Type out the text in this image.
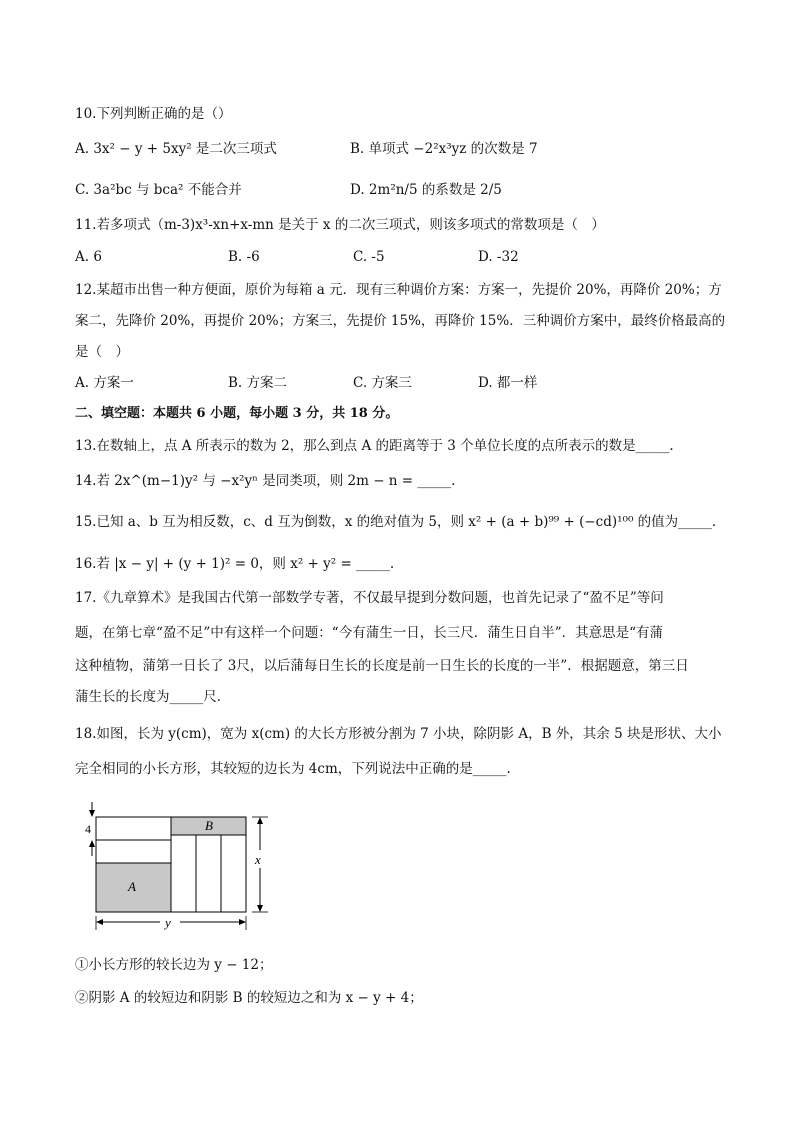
10.下列判断正确的是（）
A. 3x² − y + 5xy² 是二次三项式	B. 单项式 −2²x³yz 的次数是 7
C. 3a²bc 与 bca² 不能合并	D. 2m²n/5 的系数是 2/5
11.若多项式（m-3)x³-xn+x-mn 是关于 x 的二次三项式，则该多项式的常数项是（　）
A. 6	B. -6	C. -5	D. -32
12.某超市出售一种方便面，原价为每箱 a 元．现有三种调价方案：方案一，先提价 20%，再降价 20%；方
案二，先降价 20%，再提价 20%；方案三，先提价 15%，再降价 15%．三种调价方案中，最终价格最高的
是（　）
A. 方案一	B. 方案二	C. 方案三	D. 都一样
二、填空题：本题共 6 小题，每小题 3 分，共 18 分。
13.在数轴上，点 A 所表示的数为 2，那么到点 A 的距离等于 3 个单位长度的点所表示的数是_____.
14.若 2x^(m−1)y² 与 −x²yⁿ 是同类项，则 2m − n = _____.
15.已知 a、b 互为相反数，c、d 互为倒数，x 的绝对值为 5，则 x² + (a + b)⁹⁹ + (−cd)¹⁰⁰ 的值为_____.
16.若 |x − y| + (y + 1)² = 0，则 x² + y² = _____.
17.《九章算术》是我国古代第一部数学专著，不仅最早提到分数问题，也首先记录了“盈不足”等问
题，在第七章“盈不足”中有这样一个问题：“今有蒲生一日，长三尺．蒲生日自半”．其意思是“有蒲
这种植物，蒲第一日长了 3尺，以后蒲每日生长的长度是前一日生长的长度的一半”．根据题意，第三日
蒲生长的长度为_____尺．
18.如图，长为 y(cm)，宽为 x(cm) 的大长方形被分割为 7 小块，除阴影 A，B 外，其余 5 块是形状、大小
完全相同的小长方形，其较短的边长为 4cm，下列说法中正确的是_____.
4
x
y
A
B
①小长方形的较长边为 y − 12；
②阴影 A 的较短边和阴影 B 的较短边之和为 x − y + 4；
